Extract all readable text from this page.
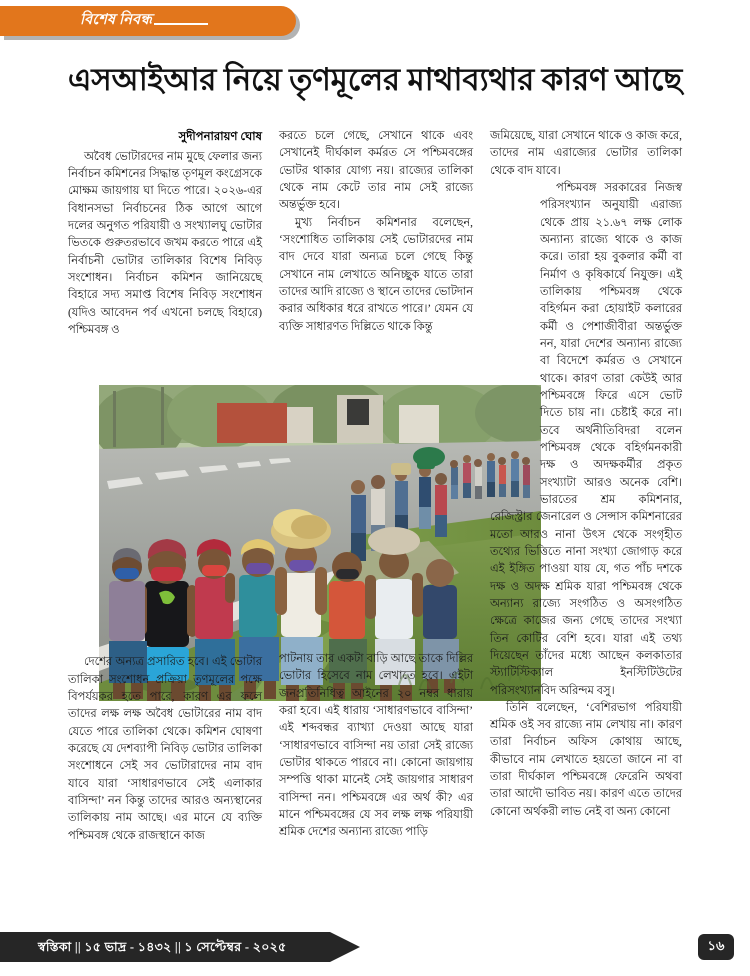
বিশেষ নিবন্ধ
এসআইআর নিয়ে তৃণমূলের মাথাব্যথার কারণ আছে
সুদীপনারায়ণ ঘোষ

অবৈধ ভোটারদের নাম মুছে ফেলার জন্য নির্বাচন কমিশনের সিদ্ধান্ত তৃণমূল কংগ্রেসকে মোক্ষম জায়গায় ঘা দিতে পারে। ২০২৬-এর বিধানসভা নির্বাচনের ঠিক আগে আগে দলের অনুগত পরিযায়ী ও সংখ্যালঘু ভোটার ভিতকে গুরুতরভাবে জখম করতে পারে এই নির্বাচনী ভোটার তালিকার বিশেষ নিবিড় সংশোধন। নির্বাচন কমিশন জানিয়েছে বিহারে সদ্য সমাপ্ত বিশেষ নিবিড় সংশোধন (যদিও আবেদন পর্ব এখনো চলছে বিহারে) পশ্চিমবঙ্গ ও

দেশের অন্যত্র প্রসারিত হবে। এই ভোটার তালিকা সংশোধন প্রক্রিয়া তৃণমূলের পক্ষে বিপর্যয়কর হতে পারে, কারণ এর ফলে তাদের লক্ষ লক্ষ অবৈধ ভোটারের নাম বাদ যেতে পারে তালিকা থেকে। কমিশন ঘোষণা করেছে যে দেশব্যাপী নিবিড় ভোটার তালিকা সংশোধনে সেই সব ভোটারাদের নাম বাদ যাবে যারা ‘সাধারণভাবে সেই এলাকার বাসিন্দা’ নন কিন্তু তাদের আরও অন্যস্থানের তালিকায় নাম আছে। এর মানে যে ব্যক্তি পশ্চিমবঙ্গ থেকে রাজস্থানে কাজ

করতে চলে গেছে, সেখানে থাকে এবং সেখানেই দীর্ঘকাল কর্মরত সে পশ্চিমবঙ্গের ভোটর থাকার যোগ্য নয়। রাজ্যের তালিকা থেকে নাম কেটে তার নাম সেই রাজ্যে অন্তর্ভুক্ত হবে।

মুখ্য নির্বাচন কমিশনার বলেছেন, ‘সংশোধিত তালিকায় সেই ভোটারদের নাম বাদ দেবে যারা অন্যত্র চলে গেছে কিন্তু সেখানে নাম লেখাতে অনিচ্ছুক যাতে তারা তাদের আদি রাজ্যে ও স্থানে তাদের ভোটদান করার অধিকার ধরে রাখতে পারে।’ যেমন যে ব্যক্তি সাধারণত দিল্লিতে থাকে কিন্তু

পাটনায় তার একটা বাড়ি আছে তাকে দিল্লির ভোটার হিসেবে নাম লেখাতে হবে। এইটা জনপ্রতিনিধিত্ব আইনের ২০ নম্বর ধারায় করা হবে। এই ধারায় ‘সাধারণভাবে বাসিন্দা’ এই শব্দবন্ধর ব্যাখ্যা দেওয়া আছে যারা ‘সাধারণভাবে বাসিন্দা নয় তারা সেই রাজ্যে ভোটার থাকতে পারবে না। কোনো জায়গায় সম্পত্তি থাকা মানেই সেই জায়গার সাধারণ বাসিন্দা নন। পশ্চিমবঙ্গে এর অর্থ কী? এর মানে পশ্চিমবঙ্গের যে সব লক্ষ লক্ষ পরিযায়ী শ্রমিক দেশের অন্যান্য রাজ্যে পাড়ি

জমিয়েছে, যারা সেখানে থাকে ও কাজ করে, তাদের নাম এরাজ্যের ভোটার তালিকা থেকে বাদ যাবে।

পশ্চিমবঙ্গ সরকারের নিজস্ব পরিসংখ্যান অনুযায়ী এরাজ্য থেকে প্রায় ২১.৬৭ লক্ষ লোক অন্যান্য রাজ্যে থাকে ও কাজ করে। তারা হয় বুকলার কর্মী বা নির্মাণ ও কৃষিকার্যে নিযুক্ত। এই তালিকায় পশ্চিমবঙ্গ থেকে বহির্গমন করা হোয়াইট কলারের কর্মী ও পেশাজীবীরা অন্তর্ভুক্ত নন, যারা দেশের অন্যান্য রাজ্যে বা বিদেশে কর্মরত ও সেখানে থাকে। কারণ তারা কেউই আর পশ্চিমবঙ্গে ফিরে এসে ভোট দিতে চায় না। চেষ্টাই করে না। তবে অর্থনীতিবিদরা বলেন পশ্চিমবঙ্গ থেকে বহির্গমনকারী দক্ষ ও অদক্ষকর্মীর প্রকৃত সংখ্যাটা আরও অনেক বেশি। ভারতের শ্রম কমিশনার, রেজিস্ট্রার জেনারেল ও সেন্সাস কমিশনারের মতো আরও নানা উৎস থেকে সংগৃহীত তথ্যের ভিত্তিতে নানা সংখ্যা জোগাড় করে এই ইঙ্গিত পাওয়া যায় যে, গত পাঁচ দশকে দক্ষ ও অদক্ষ শ্রমিক যারা পশ্চিমবঙ্গ থেকে অন্যান্য রাজ্যে সংগঠিত ও অসংগঠিত ক্ষেত্রে কাজের জন্য গেছে তাদের সংখ্যা তিন কোটির বেশি হবে। যারা এই তথ্য দিয়েছেন তাঁদের মধ্যে আছেন কলকাতার স্ট্যাটিস্টিক্যাল ইনস্টিটিউটের পরিসংখ্যানবিদ অরিন্দম বসু।

তিনি বলেছেন, ‘বেশিরভাগ পরিযায়ী শ্রমিক ওই সব রাজ্যে নাম লেখায় না। কারণ তারা নির্বাচন অফিস কোথায় আছে, কীভাবে নাম লেখাতে হয়তো জানে না বা তারা দীর্ঘকাল পশ্চিমবঙ্গে ফেরেনি অথবা তারা আদৌ ভাবিত নয়। কারণ এতে তাদের কোনো অর্থকরী লাভ নেই বা অন্য কোনো

স্বস্তিকা || ১৫ ভাদ্র - ১৪৩২ || ১ সেপ্টেম্বর - ২০২৫	১৬
